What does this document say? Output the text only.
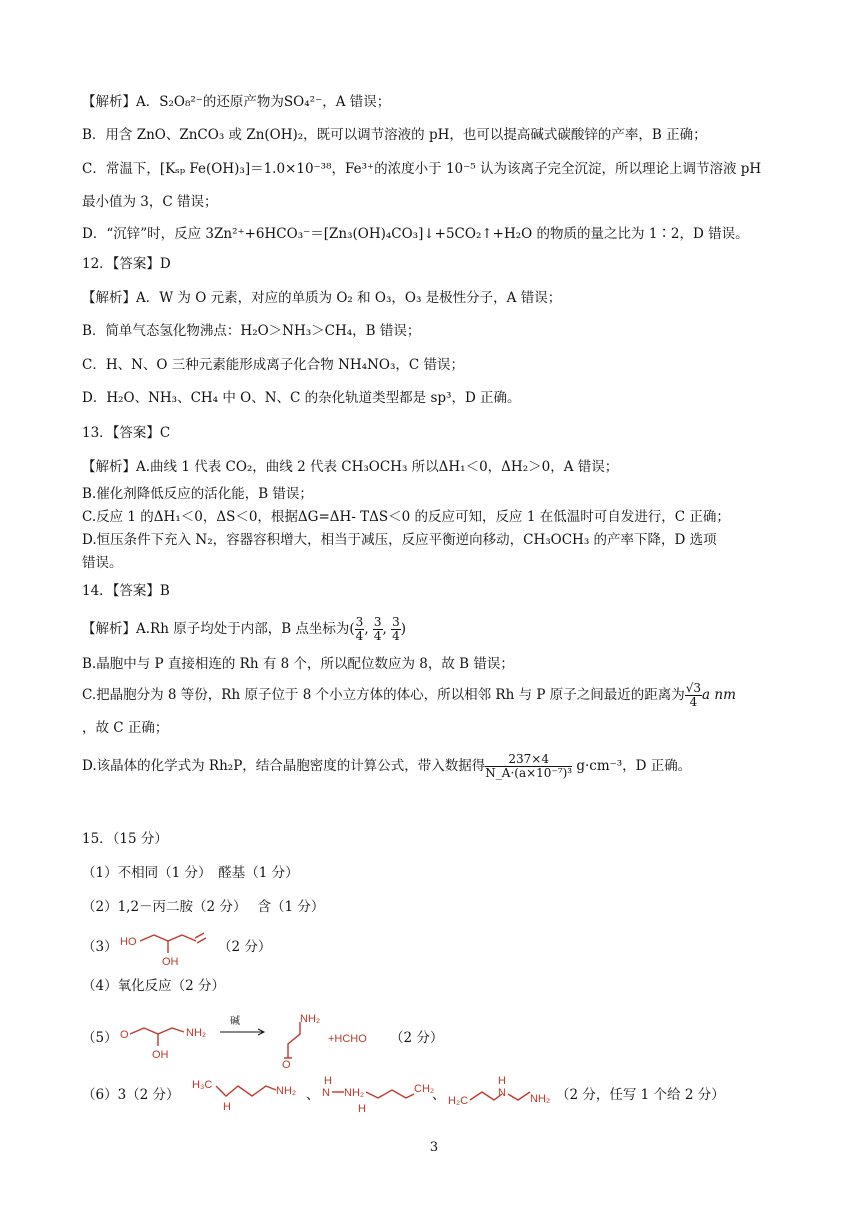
【解析】A．S₂O₈²⁻的还原产物为SO₄²⁻，A 错误；
B．用含 ZnO、ZnCO₃ 或 Zn(OH)₂，既可以调节溶液的 pH，也可以提高碱式碳酸锌的产率，B 正确；
C．常温下，[Kₛₚ Fe(OH)₃]＝1.0×10⁻³⁸，Fe³⁺的浓度小于 10⁻⁵ 认为该离子完全沉淀，所以理论上调节溶液 pH
最小值为 3，C 错误；
D．“沉锌”时，反应 3Zn²⁺+6HCO₃⁻＝[Zn₃(OH)₄CO₃]↓+5CO₂↑+H₂O 的物质的量之比为 1∶2，D 错误。
12．【答案】D
【解析】A．W 为 O 元素，对应的单质为 O₂ 和 O₃，O₃ 是极性分子，A 错误；
B．简单气态氢化物沸点：H₂O＞NH₃＞CH₄，B 错误；
C．H、N、O 三种元素能形成离子化合物 NH₄NO₃，C 错误；
D．H₂O、NH₃、CH₄ 中 O、N、C 的杂化轨道类型都是 sp³，D 正确。
13．【答案】C
【解析】A.曲线 1 代表 CO₂，曲线 2 代表 CH₃OCH₃ 所以ΔH₁＜0，ΔH₂＞0，A 错误；
B.催化剂降低反应的活化能，B 错误；
C.反应 1 的ΔH₁＜0，ΔS＜0，根据ΔG=ΔH- TΔS＜0 的反应可知，反应 1 在低温时可自发进行，C 正确；
D.恒压条件下充入 N₂，容器容积增大，相当于减压，反应平衡逆向移动，CH₃OCH₃ 的产率下降，D 选项
错误。
14．【答案】B
【解析】A.Rh 原子均处于内部，B 点坐标为( $\frac{3}{4}$ , $\frac{3}{4}$ , $\frac{3}{4}$ )
B.晶胞中与 P 直接相连的 Rh 有 8 个，所以配位数应为 8，故 B 错误；
C.把晶胞分为 8 等份，Rh 原子位于 8 个小立方体的体心，所以相邻 Rh 与 P 原子之间最近的距离为 $\frac{√3}{4}$ a nm
，故 C 正确；
D.该晶体的化学式为 Rh₂P，结合晶胞密度的计算公式，带入数据得 $\frac{237\times 4}{\text{N\_A·(a×10⁻⁷)³}} g\cdot cm^{-3}$，D 正确。
15．（15 分）
（1）不相同（1 分）　醛基（1 分）
（2）1,2－丙二胺（2 分）　 含（1 分）
（3） HO
OH
（2 分）
（4）氧化反应（2 分）
（5） O
OH
NH₂
碱
O
NH₂
+HCHO （2 分）
（6）3（2 分）
H₃C
H
NH₂ 、
H
N NH₂	CH₂
H
、 H₂C
H
N NH₂ （2 分，任写 1 个给 2 分）
3
